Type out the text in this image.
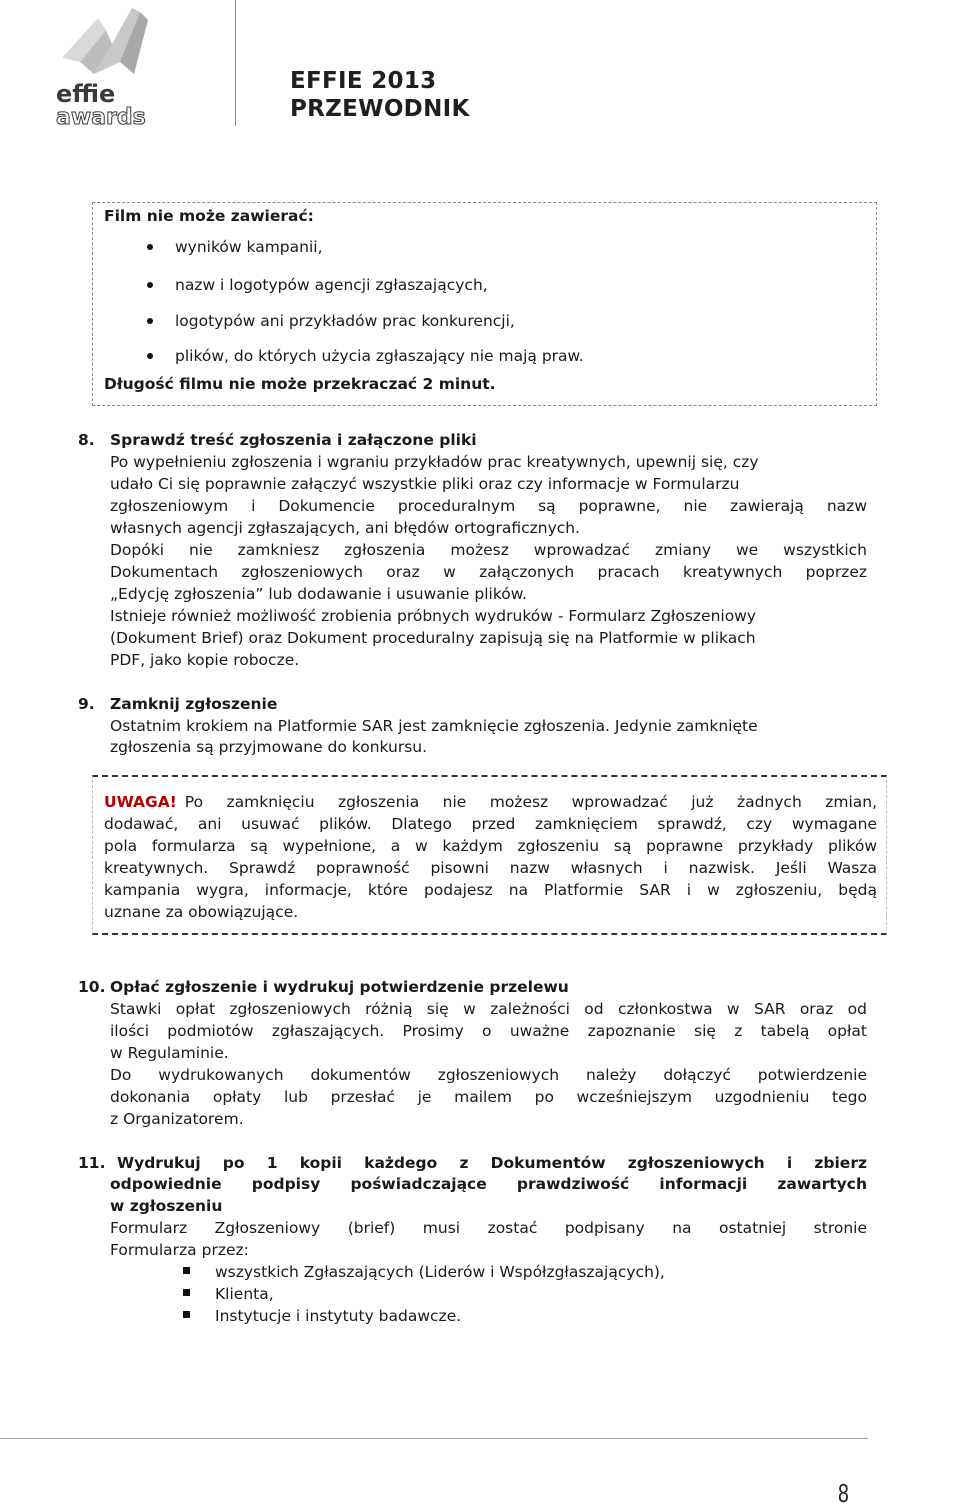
effie
awards
EFFIE 2013
PRZEWODNIK
Film nie może zawierać:
wyników kampanii,
nazw i logotypów agencji zgłaszających,
logotypów ani przykładów prac konkurencji,
plików, do których użycia zgłaszający nie mają praw.
Długość filmu nie może przekraczać 2 minut.
8. Sprawdź treść zgłoszenia i załączone pliki
Po wypełnieniu zgłoszenia i wgraniu przykładów prac kreatywnych, upewnij się, czy
udało Ci się poprawnie załączyć wszystkie pliki oraz czy informacje w Formularzu
zgłoszeniowym i Dokumencie proceduralnym są poprawne, nie zawierają nazw
własnych agencji zgłaszających, ani błędów ortograficznych.
Dopóki nie zamkniesz zgłoszenia możesz wprowadzać zmiany we wszystkich
Dokumentach zgłoszeniowych oraz w załączonych pracach kreatywnych poprzez
„Edycję zgłoszenia” lub dodawanie i usuwanie plików.
Istnieje również możliwość zrobienia próbnych wydruków - Formularz Zgłoszeniowy
(Dokument Brief) oraz Dokument proceduralny zapisują się na Platformie w plikach
PDF, jako kopie robocze.
9. Zamknij zgłoszenie
Ostatnim krokiem na Platformie SAR jest zamknięcie zgłoszenia. Jedynie zamknięte
zgłoszenia są przyjmowane do konkursu.
UWAGA! Po zamknięciu zgłoszenia nie możesz wprowadzać już żadnych zmian,
dodawać, ani usuwać plików. Dlatego przed zamknięciem sprawdź, czy wymagane
pola formularza są wypełnione, a w każdym zgłoszeniu są poprawne przykłady plików
kreatywnych. Sprawdź poprawność pisowni nazw własnych i nazwisk. Jeśli Wasza
kampania wygra, informacje, które podajesz na Platformie SAR i w zgłoszeniu, będą
uznane za obowiązujące.
10. Opłać zgłoszenie i wydrukuj potwierdzenie przelewu
Stawki opłat zgłoszeniowych różnią się w zależności od członkostwa w SAR oraz od
ilości podmiotów zgłaszających. Prosimy o uważne zapoznanie się z tabelą opłat
w Regulaminie.
Do wydrukowanych dokumentów zgłoszeniowych należy dołączyć potwierdzenie
dokonania opłaty lub przesłać je mailem po wcześniejszym uzgodnieniu tego
z Organizatorem.
11. Wydrukuj po 1 kopii każdego z Dokumentów zgłoszeniowych i zbierz
odpowiednie podpisy poświadczające prawdziwość informacji zawartych
w zgłoszeniu
Formularz Zgłoszeniowy (brief) musi zostać podpisany na ostatniej stronie
Formularza przez:
wszystkich Zgłaszających (Liderów i Współzgłaszających),
Klienta,
Instytucje i instytuty badawcze.
8
